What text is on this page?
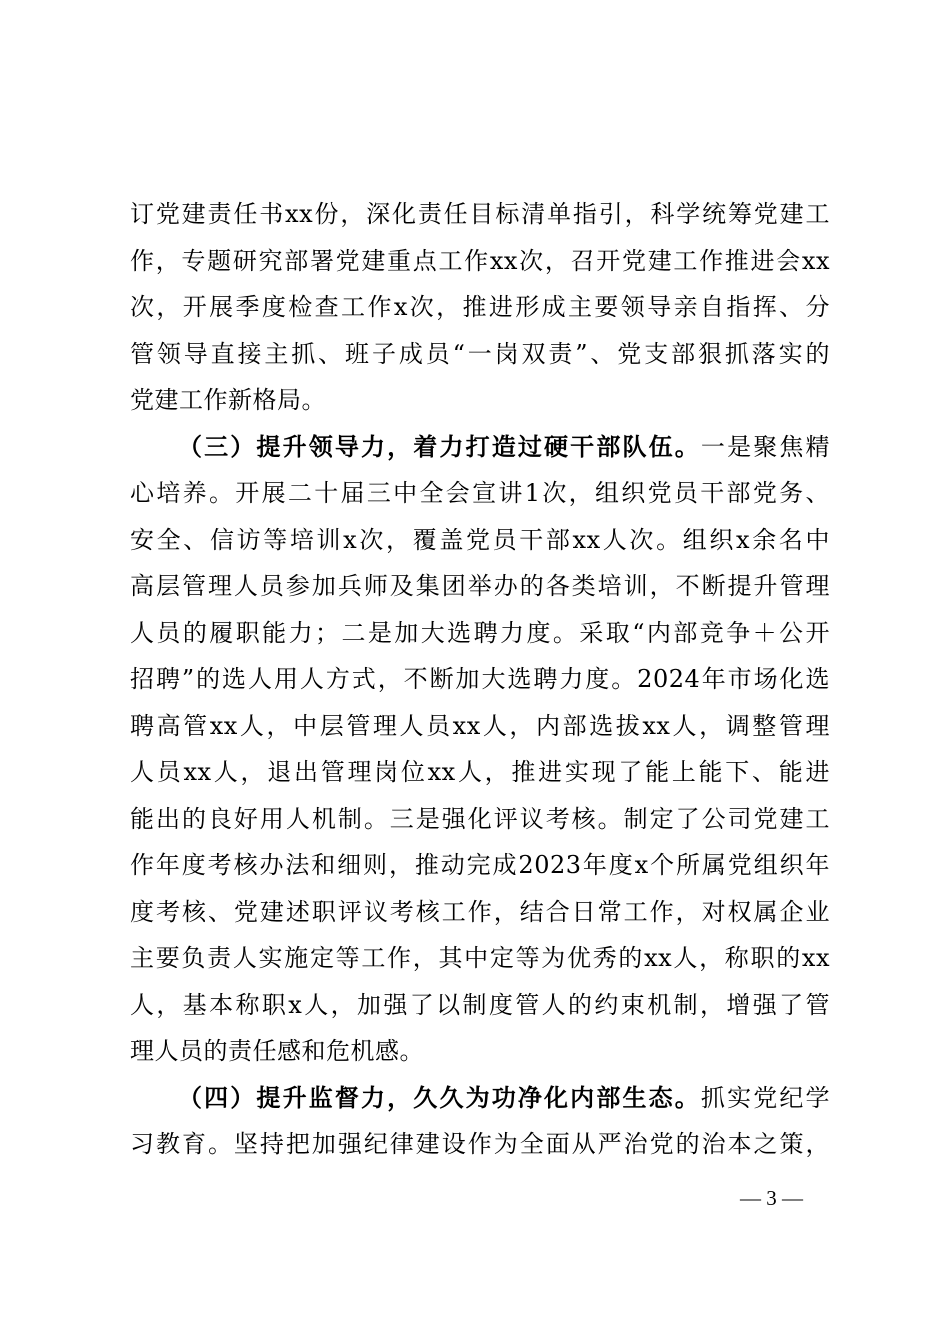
订党建责任书xx份，深化责任目标清单指引，科学统筹党建工
作，专题研究部署党建重点工作xx次，召开党建工作推进会xx
次，开展季度检查工作x次，推进形成主要领导亲自指挥、分
管领导直接主抓、班子成员“一岗双责”、党支部狠抓落实的
党建工作新格局。
（三）提升领导力，着力打造过硬干部队伍。一是聚焦精
心培养。开展二十届三中全会宣讲1次，组织党员干部党务、
安全、信访等培训x次，覆盖党员干部xx人次。组织x余名中
高层管理人员参加兵师及集团举办的各类培训，不断提升管理
人员的履职能力；二是加大选聘力度。采取“内部竞争＋公开
招聘”的选人用人方式，不断加大选聘力度。2024年市场化选
聘高管xx人，中层管理人员xx人，内部选拔xx人，调整管理
人员xx人，退出管理岗位xx人，推进实现了能上能下、能进
能出的良好用人机制。三是强化评议考核。制定了公司党建工
作年度考核办法和细则，推动完成2023年度x个所属党组织年
度考核、党建述职评议考核工作，结合日常工作，对权属企业
主要负责人实施定等工作，其中定等为优秀的xx人，称职的xx
人，基本称职x人，加强了以制度管人的约束机制，增强了管
理人员的责任感和危机感。
（四）提升监督力，久久为功净化内部生态。抓实党纪学
习教育。坚持把加强纪律建设作为全面从严治党的治本之策，
— 3 —
